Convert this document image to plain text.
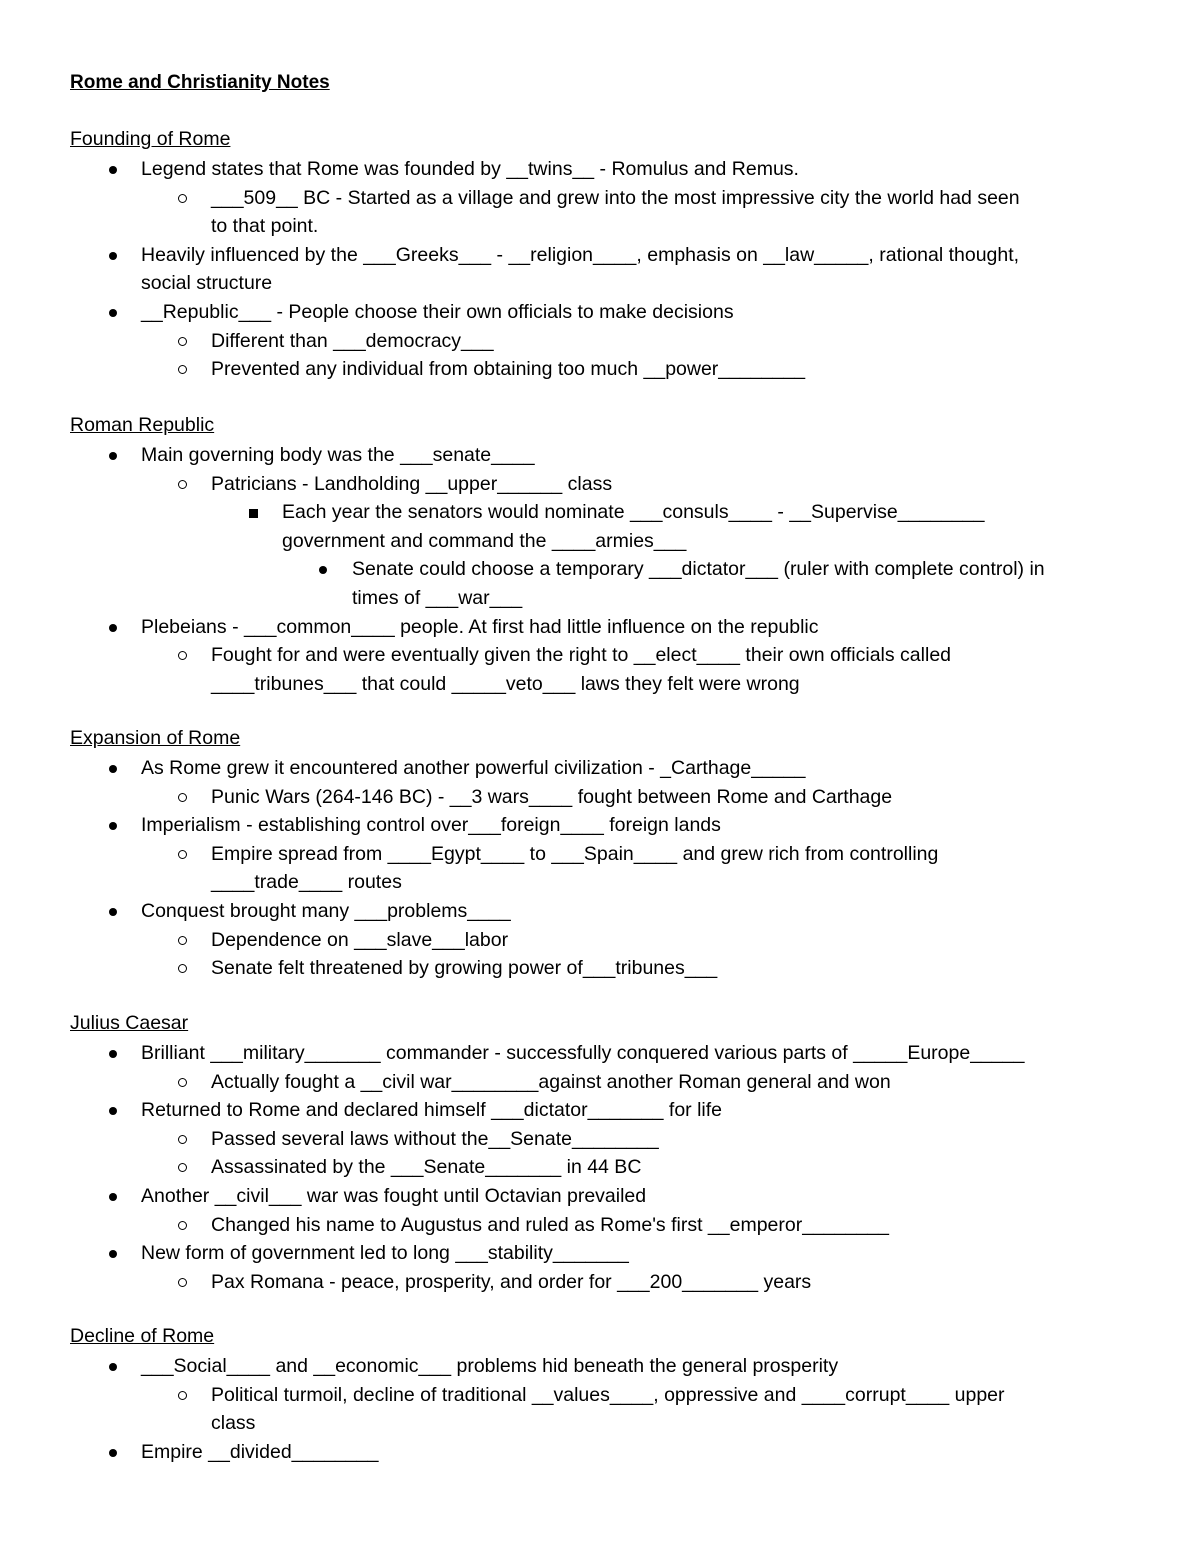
Rome and Christianity Notes
Founding of Rome
Legend states that Rome was founded by __twins__ - Romulus and Remus.
___509__ BC - Started as a village and grew into the most impressive city the world had seen
to that point.
Heavily influenced by the ___Greeks___ - __religion____, emphasis on __law_____, rational thought,
social structure
__Republic___ - People choose their own officials to make decisions
Different than ___democracy___
Prevented any individual from obtaining too much __power________
Roman Republic
Main governing body was the ___senate____
Patricians - Landholding __upper______ class
Each year the senators would nominate ___consuls____ - __Supervise________
government and command the ____armies___
Senate could choose a temporary ___dictator___ (ruler with complete control) in
times of ___war___
Plebeians - ___common____ people. At first had little influence on the republic
Fought for and were eventually given the right to __elect____ their own officials called
____tribunes___ that could _____veto___ laws they felt were wrong
Expansion of Rome
As Rome grew it encountered another powerful civilization - _Carthage_____
Punic Wars (264-146 BC) - __3 wars____ fought between Rome and Carthage
Imperialism - establishing control over___foreign____ foreign lands
Empire spread from ____Egypt____ to ___Spain____ and grew rich from controlling
____trade____ routes
Conquest brought many ___problems____
Dependence on ___slave___labor
Senate felt threatened by growing power of___tribunes___
Julius Caesar
Brilliant ___military_______ commander - successfully conquered various parts of _____Europe_____
Actually fought a __civil war________against another Roman general and won
Returned to Rome and declared himself ___dictator_______ for life
Passed several laws without the__Senate________
Assassinated by the ___Senate_______ in 44 BC
Another __civil___ war was fought until Octavian prevailed
Changed his name to Augustus and ruled as Rome's first __emperor________
New form of government led to long ___stability_______
Pax Romana - peace, prosperity, and order for ___200_______ years
Decline of Rome
___Social____ and __economic___ problems hid beneath the general prosperity
Political turmoil, decline of traditional __values____, oppressive and ____corrupt____ upper
class
Empire __divided________
